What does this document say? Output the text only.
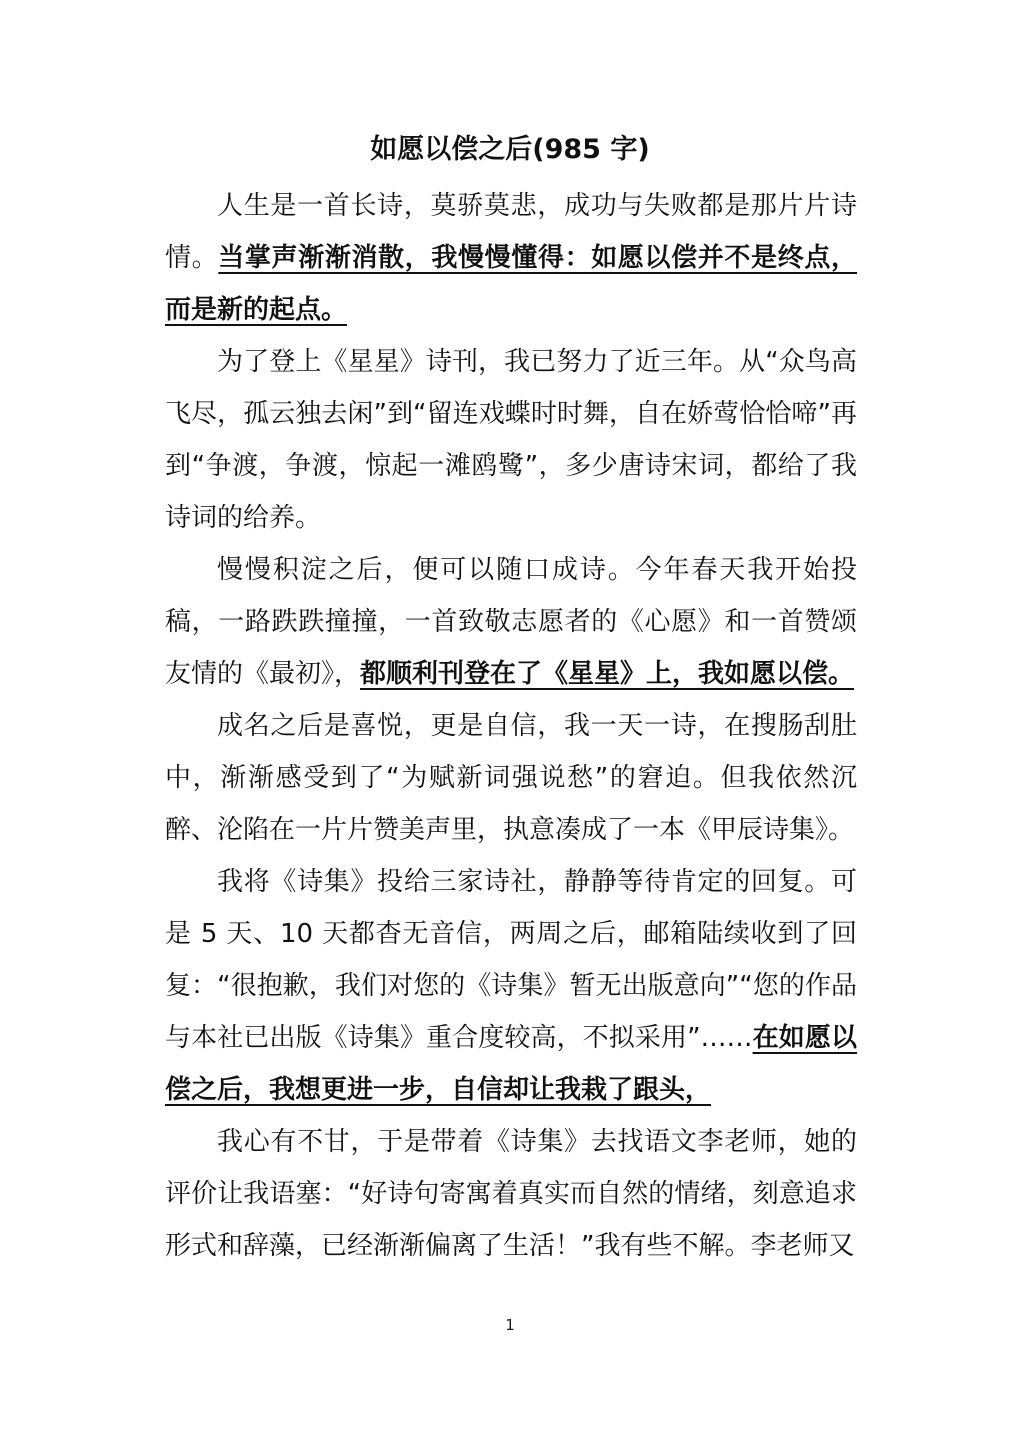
如愿以偿之后(985 字)

人生是一首长诗，莫骄莫悲，成功与失败都是那片片诗情。当掌声渐渐消散，我慢慢懂得：如愿以偿并不是终点，而是新的起点。

为了登上《星星》诗刊，我已努力了近三年。从“众鸟高飞尽，孤云独去闲”到“留连戏蝶时时舞，自在娇莺恰恰啼”再到“争渡，争渡，惊起一滩鸥鹭”，多少唐诗宋词，都给了我诗词的给养。

慢慢积淀之后，便可以随口成诗。今年春天我开始投稿，一路跌跌撞撞，一首致敬志愿者的《心愿》和一首赞颂友情的《最初》，都顺利刊登在了《星星》上，我如愿以偿。

成名之后是喜悦，更是自信，我一天一诗，在搜肠刮肚中，渐渐感受到了“为赋新词强说愁”的窘迫。但我依然沉醉、沦陷在一片片赞美声里，执意凑成了一本《甲辰诗集》。

我将《诗集》投给三家诗社，静静等待肯定的回复。可是 5 天、10 天都杳无音信，两周之后，邮箱陆续收到了回复：“很抱歉，我们对您的《诗集》暂无出版意向”“您的作品与本社已出版《诗集》重合度较高，不拟采用”……在如愿以偿之后，我想更进一步，自信却让我栽了跟头，

我心有不甘，于是带着《诗集》去找语文李老师，她的评价让我语塞：“好诗句寄寓着真实而自然的情绪，刻意追求形式和辞藻，已经渐渐偏离了生活！”我有些不解。李老师又

1
